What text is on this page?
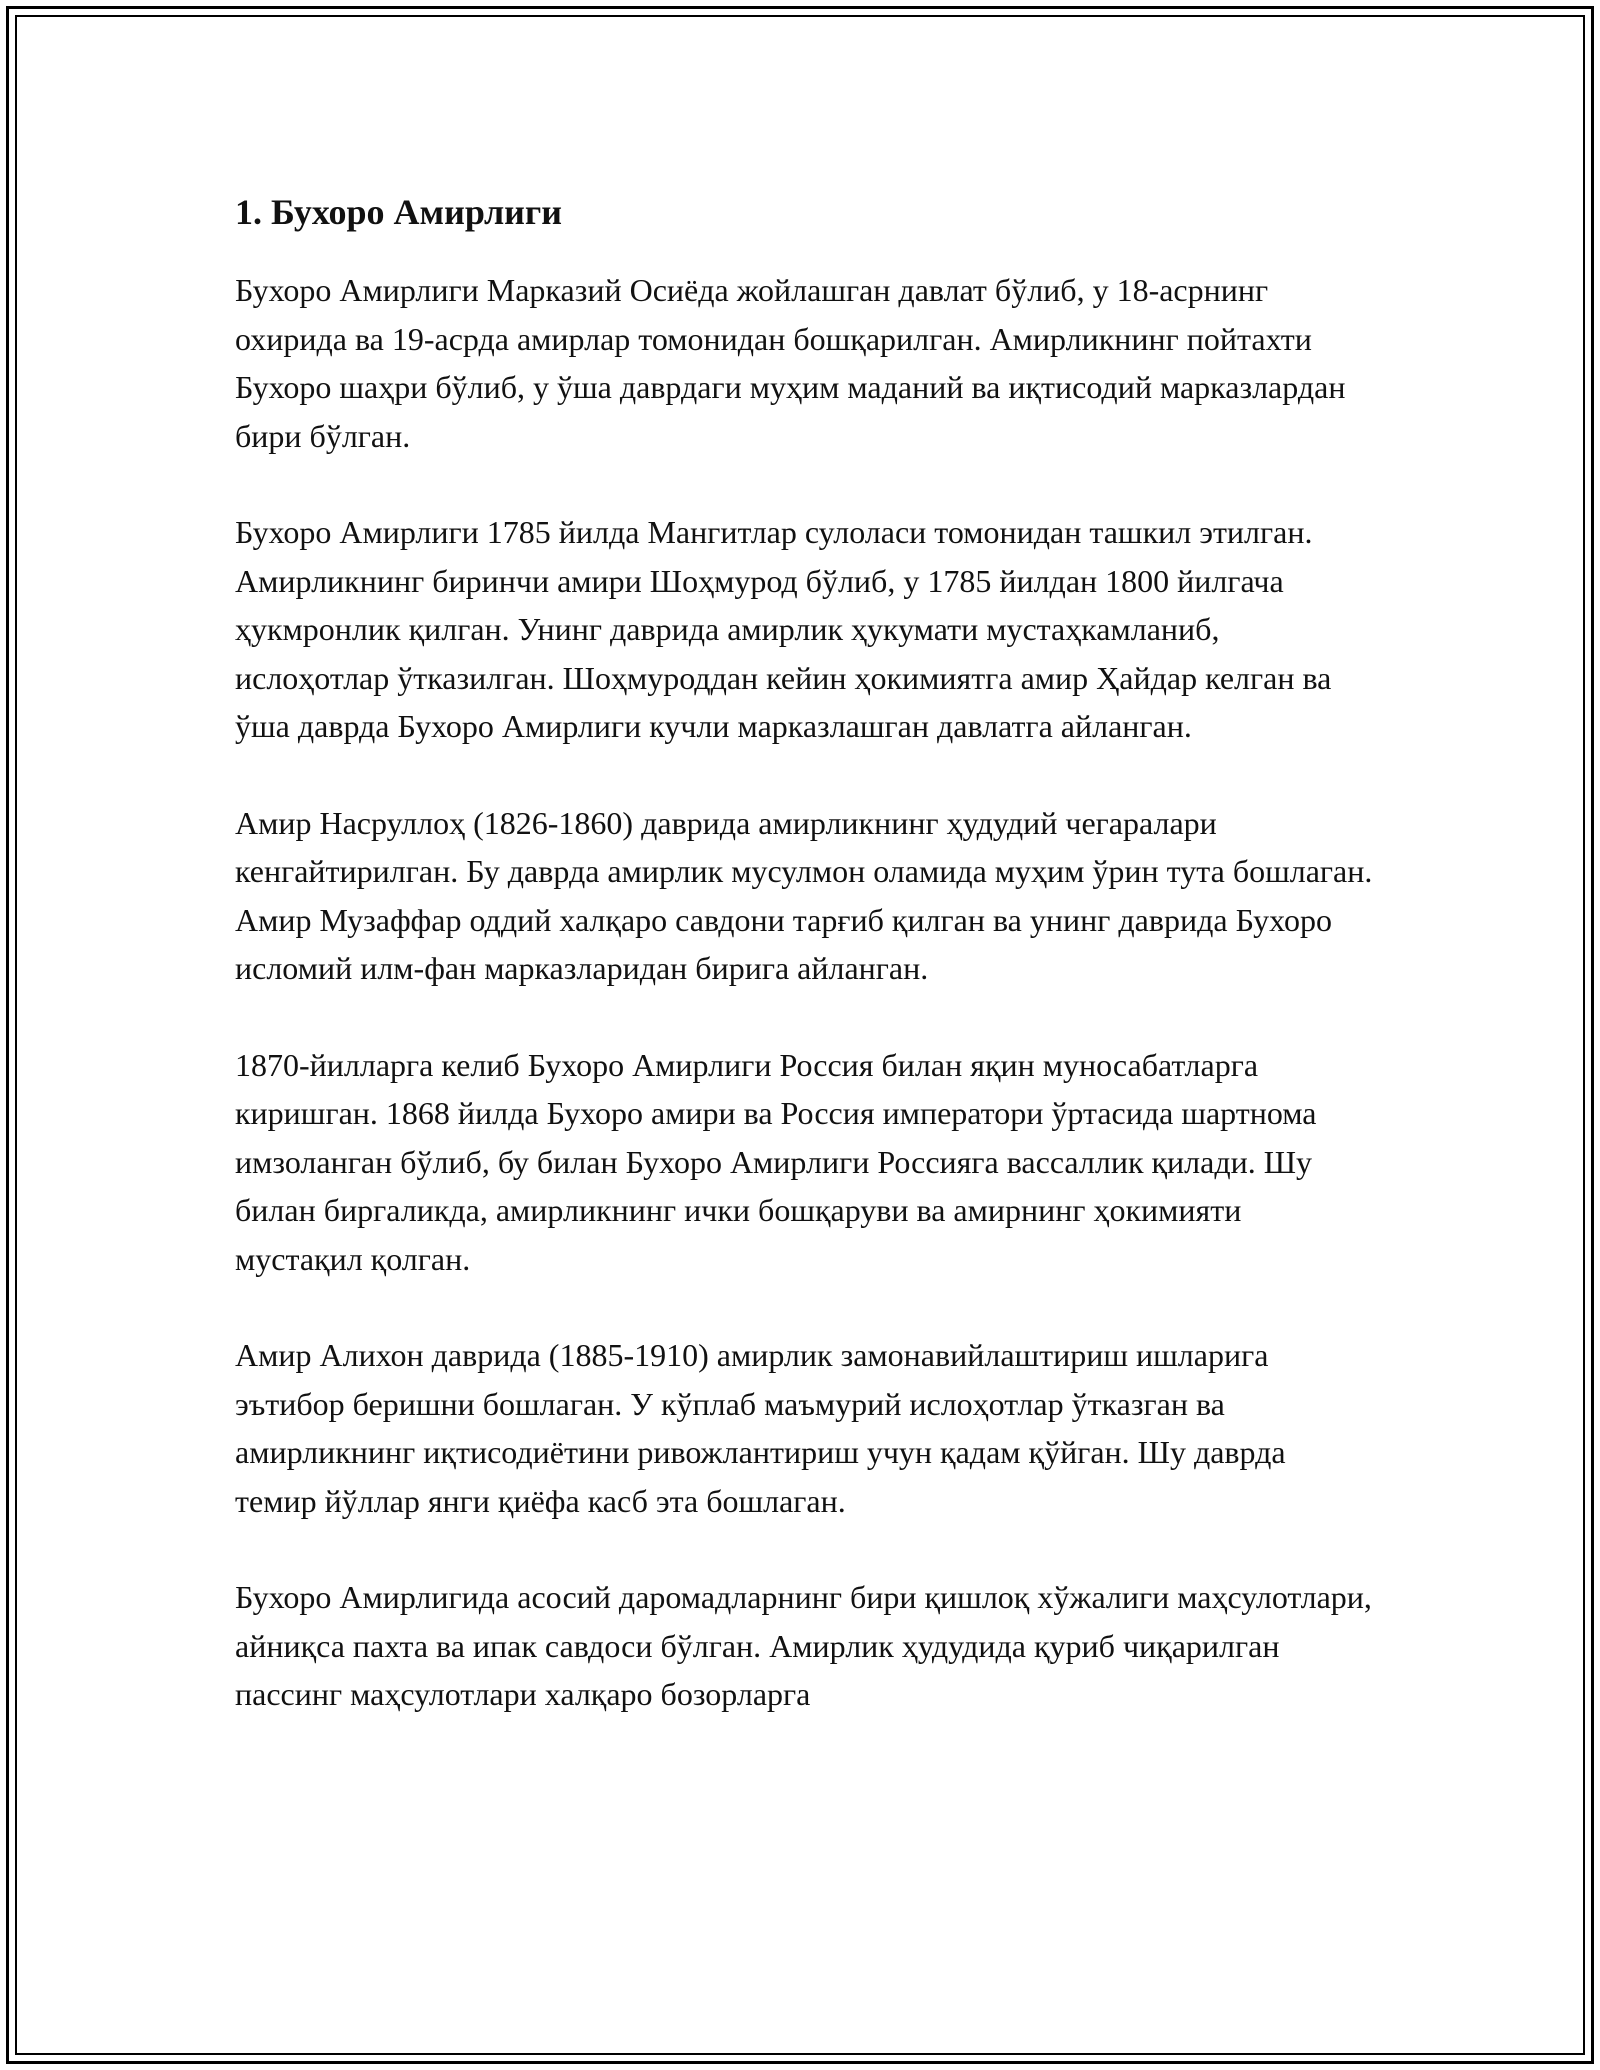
1. Бухоро Амирлиги

Бухоро Амирлиги Марказий Осиёда жойлашган давлат бўлиб, у 18-асрнинг охирида ва 19-асрда амирлар томонидан бошқарилган. Амирликнинг пойтахти Бухоро шаҳри бўлиб, у ўша даврдаги муҳим маданий ва иқтисодий марказлардан бири бўлган.

Бухоро Амирлиги 1785 йилда Мангитлар сулоласи томонидан ташкил этилган. Амирликнинг биринчи амири Шоҳмурод бўлиб, у 1785 йилдан 1800 йилгача ҳукмронлик қилган. Унинг даврида амирлик ҳукумати мустаҳкамланиб, ислоҳотлар ўтказилган. Шоҳмуроддан кейин ҳокимиятга амир Ҳайдар келган ва ўша даврда Бухоро Амирлиги кучли марказлашган давлатга айланган.

Амир Насруллоҳ (1826-1860) даврида амирликнинг ҳудудий чегаралари кенгайтирилган. Бу даврда амирлик мусулмон оламида муҳим ўрин тута бошлаган. Амир Музаффар оддий халқаро савдони тарғиб қилган ва унинг даврида Бухоро исломий илм-фан марказларидан бирига айланган.

1870-йилларга келиб Бухоро Амирлиги Россия билан яқин муносабатларга киришган. 1868 йилда Бухоро амири ва Россия императори ўртасида шартнома имзоланган бўлиб, бу билан Бухоро Амирлиги Россияга вассаллик қилади. Шу билан биргаликда, амирликнинг ички бошқаруви ва амирнинг ҳокимияти мустақил қолган.

Амир Алихон даврида (1885-1910) амирлик замонавийлаштириш ишларига эътибор беришни бошлаган. У кўплаб маъмурий ислоҳотлар ўтказган ва амирликнинг иқтисодиётини ривожлантириш учун қадам қўйган. Шу даврда темир йўллар янги қиёфа касб эта бошлаган.

Бухоро Амирлигида асосий даромадларнинг бири қишлоқ хўжалиги маҳсулотлари, айниқса пахта ва ипак савдоси бўлган. Амирлик ҳудудида қуриб чиқарилган пассинг маҳсулотлари халқаро бозорларга
